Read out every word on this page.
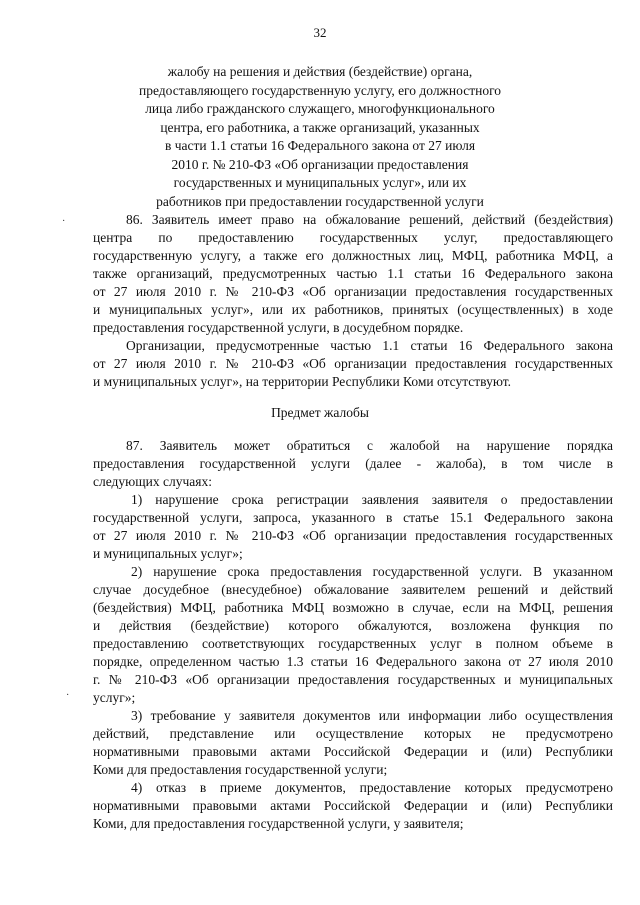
32
жалобу на решения и действия (бездействие) органа,
предоставляющего государственную услугу, его должностного
лица либо гражданского служащего, многофункционального
центра, его работника, а также организаций, указанных
в части 1.1 статьи 16 Федерального закона от 27 июля
2010 г. № 210-ФЗ «Об организации предоставления
государственных и муниципальных услуг», или их
работников при предоставлении государственной услуги
·	86. Заявитель имеет право на обжалование решений, действий (бездействия)
центра по предоставлению государственных услуг, предоставляющего
государственную услугу, а также его должностных лиц, МФЦ, работника МФЦ, а
также организаций, предусмотренных частью 1.1 статьи 16 Федерального закона
от 27 июля 2010 г. № 210-ФЗ «Об организации предоставления государственных
и муниципальных услуг», или их работников, принятых (осуществленных) в ходе
предоставления государственной услуги, в досудебном порядке.
Организации, предусмотренные частью 1.1 статьи 16 Федерального закона
от 27 июля 2010 г. № 210-ФЗ «Об организации предоставления государственных
и муниципальных услуг», на территории Республики Коми отсутствуют.
Предмет жалобы
87. Заявитель может обратиться с жалобой на нарушение порядка
предоставления государственной услуги (далее - жалоба), в том числе в
следующих случаях:
1) нарушение срока регистрации заявления заявителя о предоставлении
государственной услуги, запроса, указанного в статье 15.1 Федерального закона
от 27 июля 2010 г. № 210-ФЗ «Об организации предоставления государственных
и муниципальных услуг»;
2) нарушение срока предоставления государственной услуги. В указанном
случае досудебное (внесудебное) обжалование заявителем решений и действий
(бездействия) МФЦ, работника МФЦ возможно в случае, если на МФЦ, решения
и действия (бездействие) которого обжалуются, возложена функция по
предоставлению соответствующих государственных услуг в полном объеме в
порядке, определенном частью 1.3 статьи 16 Федерального закона от 27 июля 2010
г. № 210-ФЗ «Об организации предоставления государственных и муниципальных
услуг»;
3) требование у заявителя документов или информации либо осуществления
действий, представление или осуществление которых не предусмотрено
нормативными правовыми актами Российской Федерации и (или) Республики
Коми для предоставления государственной услуги;
4) отказ в приеме документов, предоставление которых предусмотрено
нормативными правовыми актами Российской Федерации и (или) Республики
Коми, для предоставления государственной услуги, у заявителя;
·
